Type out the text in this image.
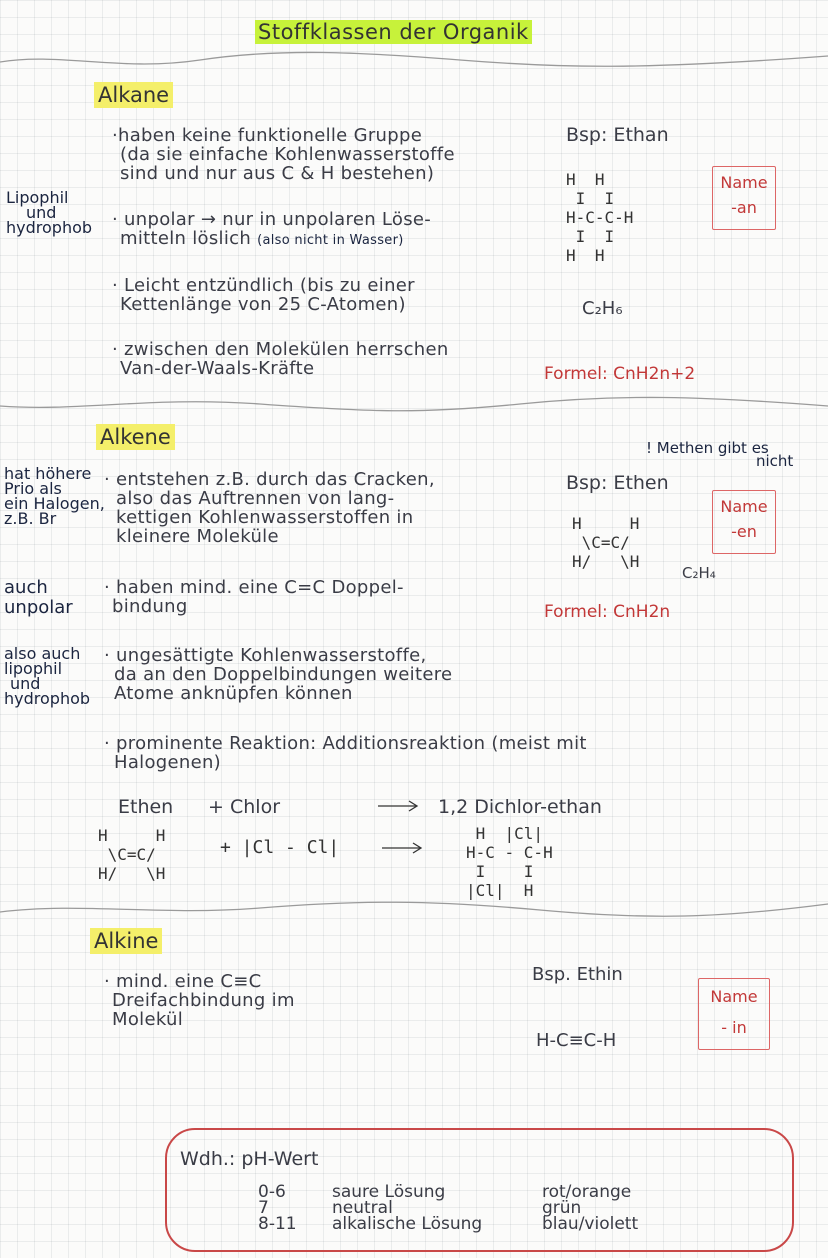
Stoffklassen der Organik
Alkane
Lipophil
und
hydrophob
·haben keine funktionelle Gruppe
(da sie einfache Kohlenwasserstoffe
sind und nur aus C & H bestehen)
· unpolar → nur in unpolaren Löse-
mitteln löslich (also nicht in Wasser)
· Leicht entzündlich (bis zu einer
Kettenlänge von 25 C-Atomen)
· zwischen den Molekülen herrschen
Van-der-Waals-Kräfte
Bsp: Ethan
H  H
I  I
H-C-C-H
I  I
H  H
C₂H₆
Formel: CnH2n+2
Name
-an
Alkene
hat höhere
Prio als
ein Halogen,
z.B. Br
auch
unpolar
also auch
lipophil
und
hydrophob
· entstehen z.B. durch das Cracken,
also das Auftrennen von lang-
kettigen Kohlenwasserstoffen in
kleinere Moleküle
· haben mind. eine C=C Doppel-
bindung
· ungesättigte Kohlenwasserstoffe,
da an den Doppelbindungen weitere
Atome anknüpfen können
· prominente Reaktion: Additionsreaktion (meist mit
Halogenen)
! Methen gibt es
nicht
Bsp: Ethen
H     H
\C=C/
H/   \H
C₂H₄
Formel: CnH2n
Name
-en
Ethen + Chlor	1,2 Dichlor-ethan
H     H
\C=C/
H/   \H
+ |Cl - Cl|
H  |Cl|
H-C - C-H
I    I
|Cl|  H
Alkine
· mind. eine C≡C
Dreifachbindung im
Molekül
Bsp. Ethin
H-C≡C-H
Name
- in
Wdh.: pH-Wert
0-6	saure Lösung	rot/orange
7	neutral	grün
8-11	alkalische Lösung	blau/violett
